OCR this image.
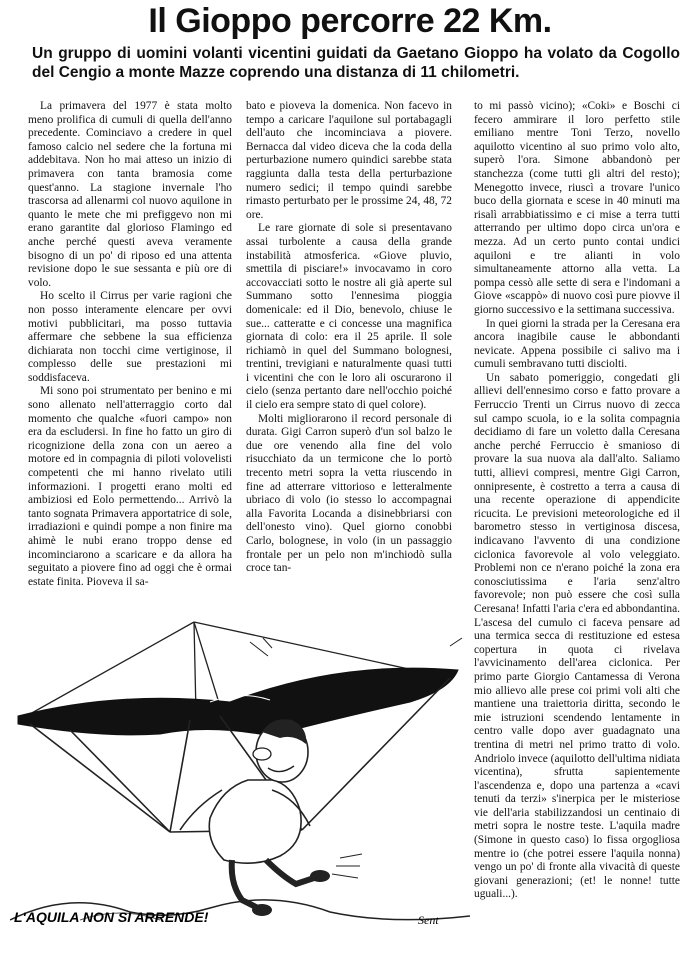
Il Gioppo percorre 22 Km.
Un gruppo di uomini volanti vicentini guidati da Gaetano Gioppo ha volato da Cogollo del Cengio a monte Mazze coprendo una distanza di 11 chilometri.

La primavera del 1977 è stata molto meno prolifica di cumuli di quella dell'anno precedente. Cominciavo a credere in quel famoso calcio nel sedere che la fortuna mi addebitava. Non ho mai atteso un inizio di primavera con tanta bramosia come quest'anno. La stagione invernale l'ho trascorsa ad allenarmi col nuovo aquilone in quanto le mete che mi prefiggevo non mi erano garantite dal glorioso Flamingo ed anche perché questi aveva veramente bisogno di un po' di riposo ed una attenta revisione dopo le sue sessanta e più ore di volo.

Ho scelto il Cirrus per varie ragioni che non posso interamente elencare per ovvi motivi pubblicitari, ma posso tuttavia affermare che sebbene la sua efficienza dichiarata non tocchi cime vertiginose, il complesso delle sue prestazioni mi soddisfaceva.

Mi sono poi strumentato per benino e mi sono allenato nell'atterraggio corto dal momento che qualche «fuori campo» non era da escludersi. In fine ho fatto un giro di ricognizione della zona con un aereo a motore ed in compagnia di piloti volovelisti competenti che mi hanno rivelato utili informazioni. I progetti erano molti ed ambiziosi ed Eolo permettendo... Arrivò la tanto sognata Primavera apportatrice di sole, irradiazioni e quindi pompe a non finire ma ahimè le nubi erano troppo dense ed incominciarono a scaricare e da allora ha seguitato a piovere fino ad oggi che è ormai estate finita. Pioveva il sa-

bato e pioveva la domenica. Non facevo in tempo a caricare l'aquilone sul portabagagli dell'auto che incominciava a piovere. Bernacca dal video diceva che la coda della perturbazione numero quindici sarebbe stata raggiunta dalla testa della perturbazione numero sedici; il tempo quindi sarebbe rimasto perturbato per le prossime 24, 48, 72 ore.

Le rare giornate di sole si presentavano assai turbolente a causa della grande instabilità atmosferica. «Giove pluvio, smettila di pisciare!» invocavamo in coro accovacciati sotto le nostre ali già aperte sul Summano sotto l'ennesima pioggia domenicale: ed il Dio, benevolo, chiuse le sue... catteratte e ci concesse una magnifica giornata di colo: era il 25 aprile. Il sole richiamò in quel del Summano bolognesi, trentini, trevigiani e naturalmente quasi tutti i vicentini che con le loro ali oscurarono il cielo (senza pertanto dare nell'occhio poiché il cielo era sempre stato di quel colore).

Molti migliorarono il record personale di durata. Gigi Carron superò d'un sol balzo le due ore venendo alla fine del volo risucchiato da un termicone che lo portò trecento metri sopra la vetta riuscendo in fine ad atterrare vittorioso e letteralmente ubriaco di volo (io stesso lo accompagnai alla Favorita Locanda a disinebbriarsi con dell'onesto vino). Quel giorno conobbi Carlo, bolognese, in volo (in un passaggio frontale per un pelo non m'inchiodò sulla croce tan-

to mi passò vicino); «Coki» e Boschi ci fecero ammirare il loro perfetto stile emiliano mentre Toni Terzo, novello aquilotto vicentino al suo primo volo alto, superò l'ora. Simone abbandonò per stanchezza (come tutti gli altri del resto); Menegotto invece, riuscì a trovare l'unico buco della giornata e scese in 40 minuti ma risalì arrabbiatissimo e ci mise a terra tutti atterrando per ultimo dopo circa un'ora e mezza. Ad un certo punto contai undici aquiloni e tre alianti in volo simultaneamente attorno alla vetta. La pompa cessò alle sette di sera e l'indomani a Giove «scappò» di nuovo così pure piovve il giorno successivo e la settimana successiva.

In quei giorni la strada per la Ceresana era ancora inagibile cause le abbondanti nevicate. Appena possibile ci salivo ma i cumuli sembravano tutti disciolti.

Un sabato pomeriggio, congedati gli allievi dell'ennesimo corso e fatto provare a Ferruccio Trenti un Cirrus nuovo di zecca sul campo scuola, io e la solita compagnia decidiamo di fare un voletto dalla Ceresana anche perché Ferruccio è smanioso di provare la sua nuova ala dall'alto. Saliamo tutti, allievi compresi, mentre Gigi Carron, onnipresente, è costretto a terra a causa di una recente operazione di appendicite ricucita. Le previsioni meteorologiche ed il barometro stesso in vertiginosa discesa, indicavano l'avvento di una condizione ciclonica favorevole al volo veleggiato. Problemi non ce n'erano poiché la zona era conosciutissima e l'aria senz'altro favorevole; non può essere che così sulla Ceresana! Infatti l'aria c'era ed abbondantina. L'ascesa del cumulo ci faceva pensare ad una termica secca di restituzione ed estesa copertura in quota ci rivelava l'avvicinamento dell'area ciclonica. Per primo parte Giorgio Cantamessa di Verona mio allievo alle prese coi primi voli alti che mantiene una traiettoria diritta, secondo le mie istruzioni scendendo lentamente in centro valle dopo aver guadagnato una trentina di metri nel primo tratto di volo. Andriolo invece (aquilotto dell'ultima nidiata vicentina), sfrutta sapientemente l'ascendenza e, dopo una partenza a «cavi tenuti da terzi» s'inerpica per le misteriose vie dell'aria stabilizzandosi un centinaio di metri sopra le nostre teste. L'aquila madre (Simone in questo caso) lo fissa orgogliosa mentre io (che potrei essere l'aquila nonna) vengo un po' di fronte alla vivacità di queste giovani generazioni; (et! le nonne! tutte uguali...).

L'AQUILA NON SI ARRENDE!	Sent
